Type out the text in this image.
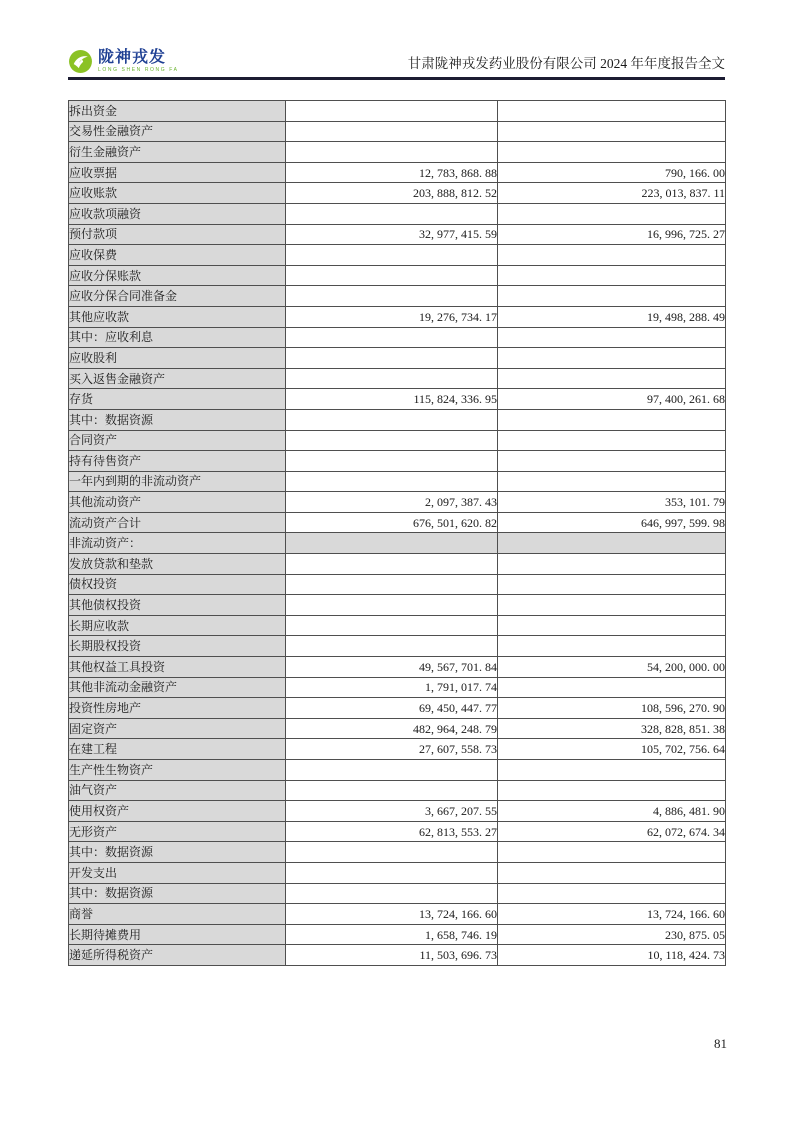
陇神戎发
LONG SHEN RONG FA	甘肃陇神戎发药业股份有限公司 2024 年年度报告全文
拆出资金		
交易性金融资产		
衍生金融资产		
应收票据	12, 783, 868. 88	790, 166. 00
应收账款	203, 888, 812. 52	223, 013, 837. 11
应收款项融资		
预付款项	32, 977, 415. 59	16, 996, 725. 27
应收保费		
应收分保账款		
应收分保合同准备金		
其他应收款	19, 276, 734. 17	19, 498, 288. 49
其中：应收利息		
应收股利		
买入返售金融资产		
存货	115, 824, 336. 95	97, 400, 261. 68
其中：数据资源		
合同资产		
持有待售资产		
一年内到期的非流动资产		
其他流动资产	2, 097, 387. 43	353, 101. 79
流动资产合计	676, 501, 620. 82	646, 997, 599. 98
非流动资产：		
发放贷款和垫款		
债权投资		
其他债权投资		
长期应收款		
长期股权投资		
其他权益工具投资	49, 567, 701. 84	54, 200, 000. 00
其他非流动金融资产	1, 791, 017. 74	
投资性房地产	69, 450, 447. 77	108, 596, 270. 90
固定资产	482, 964, 248. 79	328, 828, 851. 38
在建工程	27, 607, 558. 73	105, 702, 756. 64
生产性生物资产		
油气资产		
使用权资产	3, 667, 207. 55	4, 886, 481. 90
无形资产	62, 813, 553. 27	62, 072, 674. 34
其中：数据资源		
开发支出		
其中：数据资源		
商誉	13, 724, 166. 60	13, 724, 166. 60
长期待摊费用	1, 658, 746. 19	230, 875. 05
递延所得税资产	11, 503, 696. 73	10, 118, 424. 73
81
